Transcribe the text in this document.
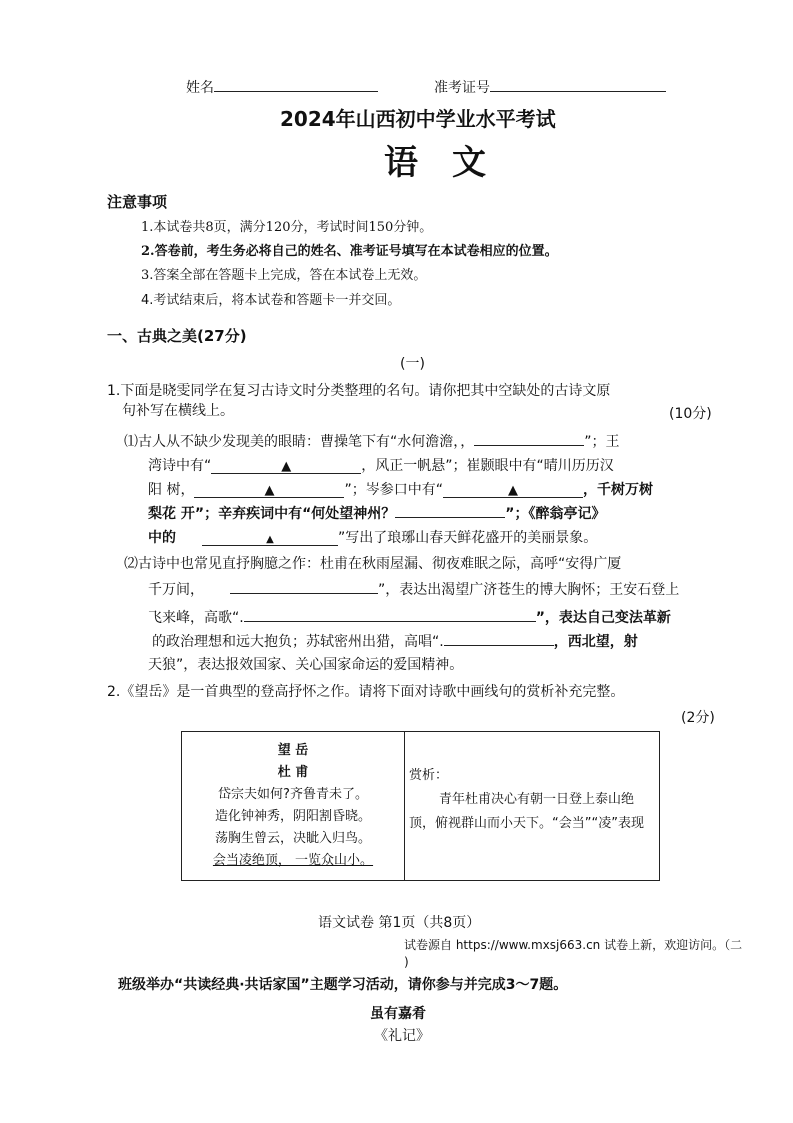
姓名	准考证号
2024年山西初中学业水平考试
语　文
注意事项
1.本试卷共8页，满分120分，考试时间150分钟。
2.答卷前，考生务必将自己的姓名、准考证号填写在本试卷相应的位置。
3.答案全部在答题卡上完成，答在本试卷上无效。
4.考试结束后，将本试卷和答题卡一并交回。
一、古典之美(27分)
(一)
1.下面是晓雯同学在复习古诗文时分类整理的名句。请你把其中空缺处的古诗文原
句补写在横线上。	(10分)
⑴古人从不缺少发现美的眼睛：曹操笔下有“水何澹澹，，	”；王
湾诗中有“	▲	，风正一帆悬”；崔颢眼中有“晴川历历汉
阳 树，	▲	”；岑参口中有“	▲	，千树万树
梨花 开”；辛弃疾词中有“何处望神州？	”；《醉翁亭记》
中的	▲	”写出了琅琊山春天鲜花盛开的美丽景象。
⑵古诗中也常见直抒胸臆之作：杜甫在秋雨屋漏、彻夜难眠之际，高呼“安得广厦
千万间，	”，表达出渴望广济苍生的博大胸怀；王安石登上
飞来峰，高歌“.	”，表达自己变法革新
的政治理想和远大抱负；苏轼密州出猎，高唱“.	，西北望，射
天狼”，表达报效国家、关心国家命运的爱国精神。
2.《望岳》是一首典型的登高抒怀之作。请将下面对诗歌中画线句的赏析补充完整。
(2分)
望 岳
杜 甫
岱宗夫如何?齐鲁青未了。
造化钟神秀，阴阳割昏晓。
荡胸生曾云，决眦入归鸟。
会当凌绝顶， 一览众山小。

赏析：
青年杜甫决心有朝一日登上泰山绝
顶，俯视群山而小天下。“会当”“凌”表现
语文试卷 第1页（共8页）
试卷源自 https://www.mxsj663.cn 试卷上新，欢迎访问。（二
)
班级举办“共读经典·共话家国”主题学习活动，请你参与并完成3～7题。
虽有嘉肴
《礼记》
